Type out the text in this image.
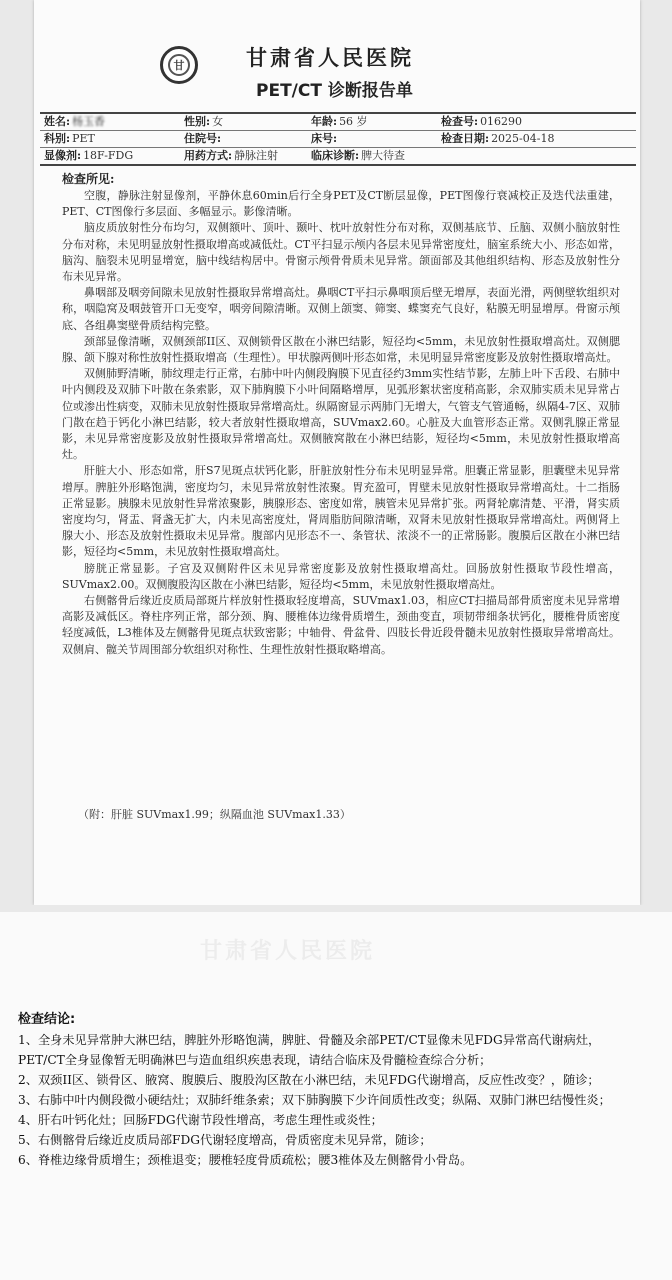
甘	甘肃省人民医院
PET/CT 诊断报告单
姓名: 杨玉香	性别: 女	年龄: 56 岁	检查号: 016290
科别: PET	住院号:	床号:	检查日期: 2025-04-18
显像剂: 18F-FDG	用药方式: 静脉注射	临床诊断: 脾大待查
检查所见:

空腹，静脉注射显像剂，平静休息60min后行全身PET及CT断层显像，PET图像行衰减校正及迭代法重建，PET、CT图像行多层面、多幅显示。影像清晰。

脑皮质放射性分布均匀，双侧额叶、顶叶、颞叶、枕叶放射性分布对称，双侧基底节、丘脑、双侧小脑放射性分布对称，未见明显放射性摄取增高或减低灶。CT平扫显示颅内各层未见异常密度灶，脑室系统大小、形态如常，脑沟、脑裂未见明显增宽，脑中线结构居中。骨窗示颅骨骨质未见异常。颌面部及其他组织结构、形态及放射性分布未见异常。

鼻咽部及咽旁间隙未见放射性摄取异常增高灶。鼻咽CT平扫示鼻咽顶后壁无增厚，表面光滑，两侧壁软组织对称，咽隐窝及咽鼓管开口无变窄，咽旁间隙清晰。双侧上颌窦、筛窦、蝶窦充气良好，粘膜无明显增厚。骨窗示颅底、各组鼻窦壁骨质结构完整。

颈部显像清晰，双侧颈部II区、双侧锁骨区散在小淋巴结影，短径均<5mm，未见放射性摄取增高灶。双侧腮腺、颌下腺对称性放射性摄取增高（生理性）。甲状腺两侧叶形态如常，未见明显异常密度影及放射性摄取增高灶。

双侧肺野清晰，肺纹理走行正常，右肺中叶内侧段胸膜下见直径约3mm实性结节影，左肺上叶下舌段、右肺中叶内侧段及双肺下叶散在条索影，双下肺胸膜下小叶间隔略增厚，见弧形絮状密度稍高影，余双肺实质未见异常占位或渗出性病变，双肺未见放射性摄取异常增高灶。纵隔窗显示两肺门无增大，气管支气管通畅，纵隔4-7区、双肺门散在趋于钙化小淋巴结影，较大者放射性摄取增高，SUVmax2.60。心脏及大血管形态正常。双侧乳腺正常显影，未见异常密度影及放射性摄取异常增高灶。双侧腋窝散在小淋巴结影，短径均<5mm，未见放射性摄取增高灶。

肝脏大小、形态如常，肝S7见斑点状钙化影，肝脏放射性分布未见明显异常。胆囊正常显影，胆囊壁未见异常增厚。脾脏外形略饱满，密度均匀，未见异常放射性浓聚。胃充盈可，胃壁未见放射性摄取异常增高灶。十二指肠正常显影。胰腺未见放射性异常浓聚影，胰腺形态、密度如常，胰管未见异常扩张。两肾轮廓清楚、平滑，肾实质密度均匀，肾盂、肾盏无扩大，内未见高密度灶，肾周脂肪间隙清晰，双肾未见放射性摄取异常增高灶。两侧肾上腺大小、形态及放射性摄取未见异常。腹部内见形态不一、条管状、浓淡不一的正常肠影。腹膜后区散在小淋巴结影，短径均<5mm，未见放射性摄取增高灶。

膀胱正常显影。子宫及双侧附件区未见异常密度影及放射性摄取增高灶。回肠放射性摄取节段性增高，SUVmax2.00。双侧腹股沟区散在小淋巴结影，短径均<5mm，未见放射性摄取增高灶。

右侧髂骨后缘近皮质局部斑片样放射性摄取轻度增高，SUVmax1.03，相应CT扫描局部骨质密度未见异常增高影及减低区。脊柱序列正常，部分颈、胸、腰椎体边缘骨质增生，颈曲变直，项韧带细条状钙化，腰椎骨质密度轻度减低，L3椎体及左侧髂骨见斑点状致密影；中轴骨、骨盆骨、四肢长骨近段骨髓未见放射性摄取异常增高灶。双侧肩、髋关节周围部分软组织对称性、生理性放射性摄取略增高。

（附：肝脏 SUVmax1.99；纵隔血池 SUVmax1.33）
甘肃省人民医院
检查结论:

1、全身未见异常肿大淋巴结，脾脏外形略饱满，脾脏、骨髓及余部PET/CT显像未见FDG异常高代谢病灶，PET/CT全身显像暂无明确淋巴与造血组织疾患表现，请结合临床及骨髓检查综合分析；

2、双颈II区、锁骨区、腋窝、腹膜后、腹股沟区散在小淋巴结，未见FDG代谢增高，反应性改变？，随诊；

3、右肺中叶内侧段微小硬结灶；双肺纤维条索；双下肺胸膜下少许间质性改变；纵隔、双肺门淋巴结慢性炎；

4、肝右叶钙化灶；回肠FDG代谢节段性增高，考虑生理性或炎性；

5、右侧髂骨后缘近皮质局部FDG代谢轻度增高，骨质密度未见异常，随诊；

6、脊椎边缘骨质增生；颈椎退变；腰椎轻度骨质疏松；腰3椎体及左侧髂骨小骨岛。
